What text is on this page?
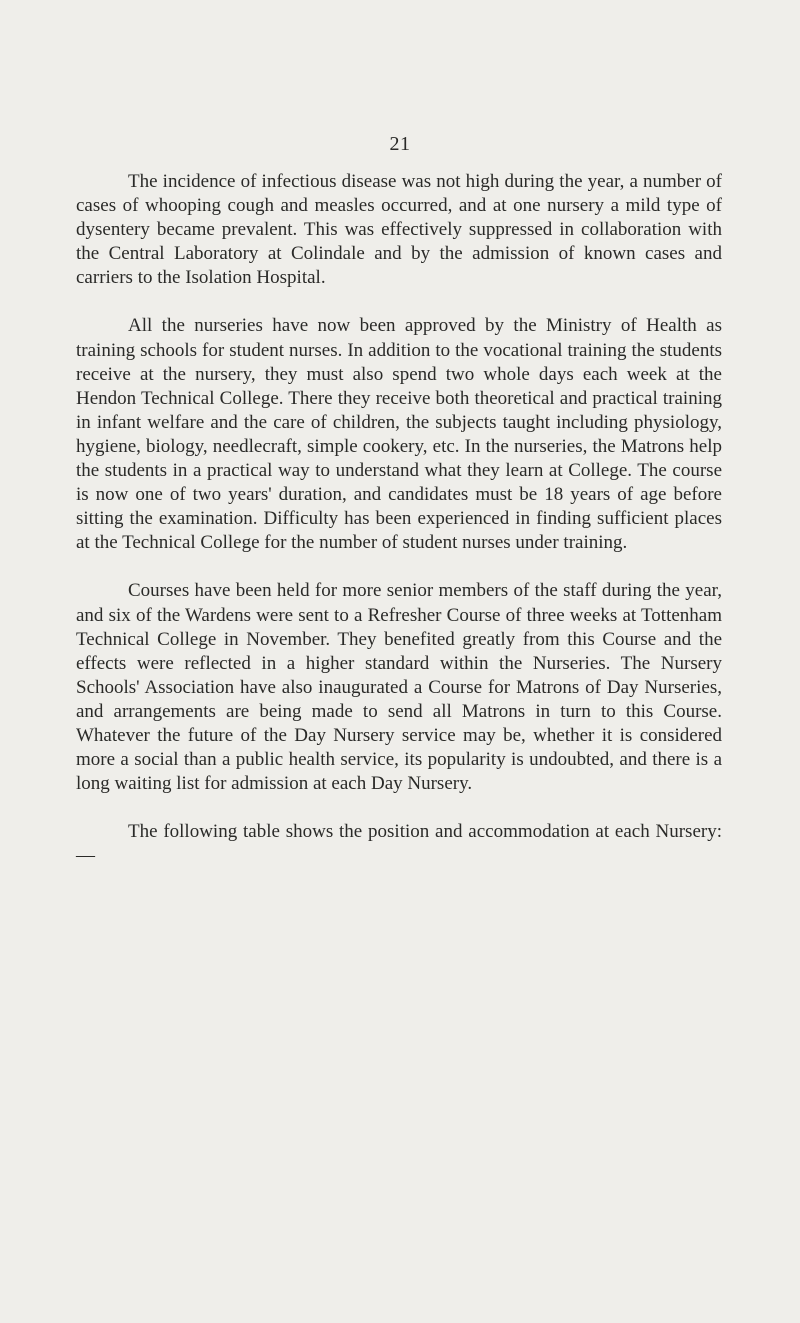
21

The incidence of infectious disease was not high during the year, a number of cases of whooping cough and measles occurred, and at one nursery a mild type of dysentery became prevalent. This was effectively suppressed in collaboration with the Central Laboratory at Colindale and by the admission of known cases and carriers to the Isolation Hospital.

All the nurseries have now been approved by the Ministry of Health as training schools for student nurses. In addition to the vocational training the students receive at the nursery, they must also spend two whole days each week at the Hendon Technical College. There they receive both theoretical and practical training in infant welfare and the care of children, the subjects taught including physiology, hygiene, biology, needlecraft, simple cookery, etc. In the nurseries, the Matrons help the students in a practical way to understand what they learn at College. The course is now one of two years' duration, and candidates must be 18 years of age before sitting the examination. Difficulty has been experienced in finding sufficient places at the Technical College for the number of student nurses under training.

Courses have been held for more senior members of the staff during the year, and six of the Wardens were sent to a Refresher Course of three weeks at Tottenham Technical College in November. They benefited greatly from this Course and the effects were reflected in a higher standard within the Nurseries. The Nursery Schools' Association have also inaugurated a Course for Matrons of Day Nurseries, and arrangements are being made to send all Matrons in turn to this Course. Whatever the future of the Day Nursery service may be, whether it is considered more a social than a public health service, its popularity is undoubted, and there is a long waiting list for admission at each Day Nursery.

The following table shows the position and accommodation at each Nursery:—
